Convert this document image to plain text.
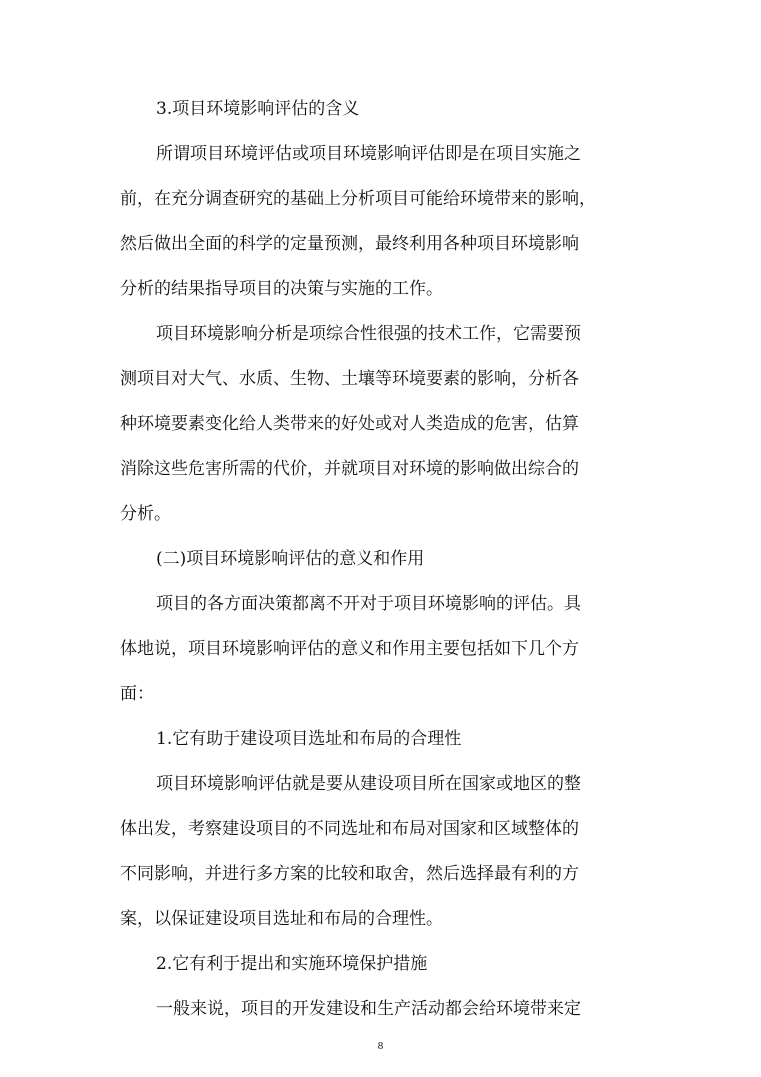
3.项目环境影响评估的含义
所谓项目环境评估或项目环境影响评估即是在项目实施之
前，在充分调查研究的基础上分析项目可能给环境带来的影响，
然后做出全面的科学的定量预测，最终利用各种项目环境影响
分析的结果指导项目的决策与实施的工作。
项目环境影响分析是项综合性很强的技术工作，它需要预
测项目对大气、水质、生物、土壤等环境要素的影响，分析各
种环境要素变化给人类带来的好处或对人类造成的危害，估算
消除这些危害所需的代价，并就项目对环境的影响做出综合的
分析。
(二)项目环境影响评估的意义和作用
项目的各方面决策都离不开对于项目环境影响的评估。具
体地说，项目环境影响评估的意义和作用主要包括如下几个方
面：
1.它有助于建设项目选址和布局的合理性
项目环境影响评估就是要从建设项目所在国家或地区的整
体出发，考察建设项目的不同选址和布局对国家和区域整体的
不同影响，并进行多方案的比较和取舍，然后选择最有利的方
案，以保证建设项目选址和布局的合理性。
2.它有利于提出和实施环境保护措施
一般来说，项目的开发建设和生产活动都会给环境带来定
8
